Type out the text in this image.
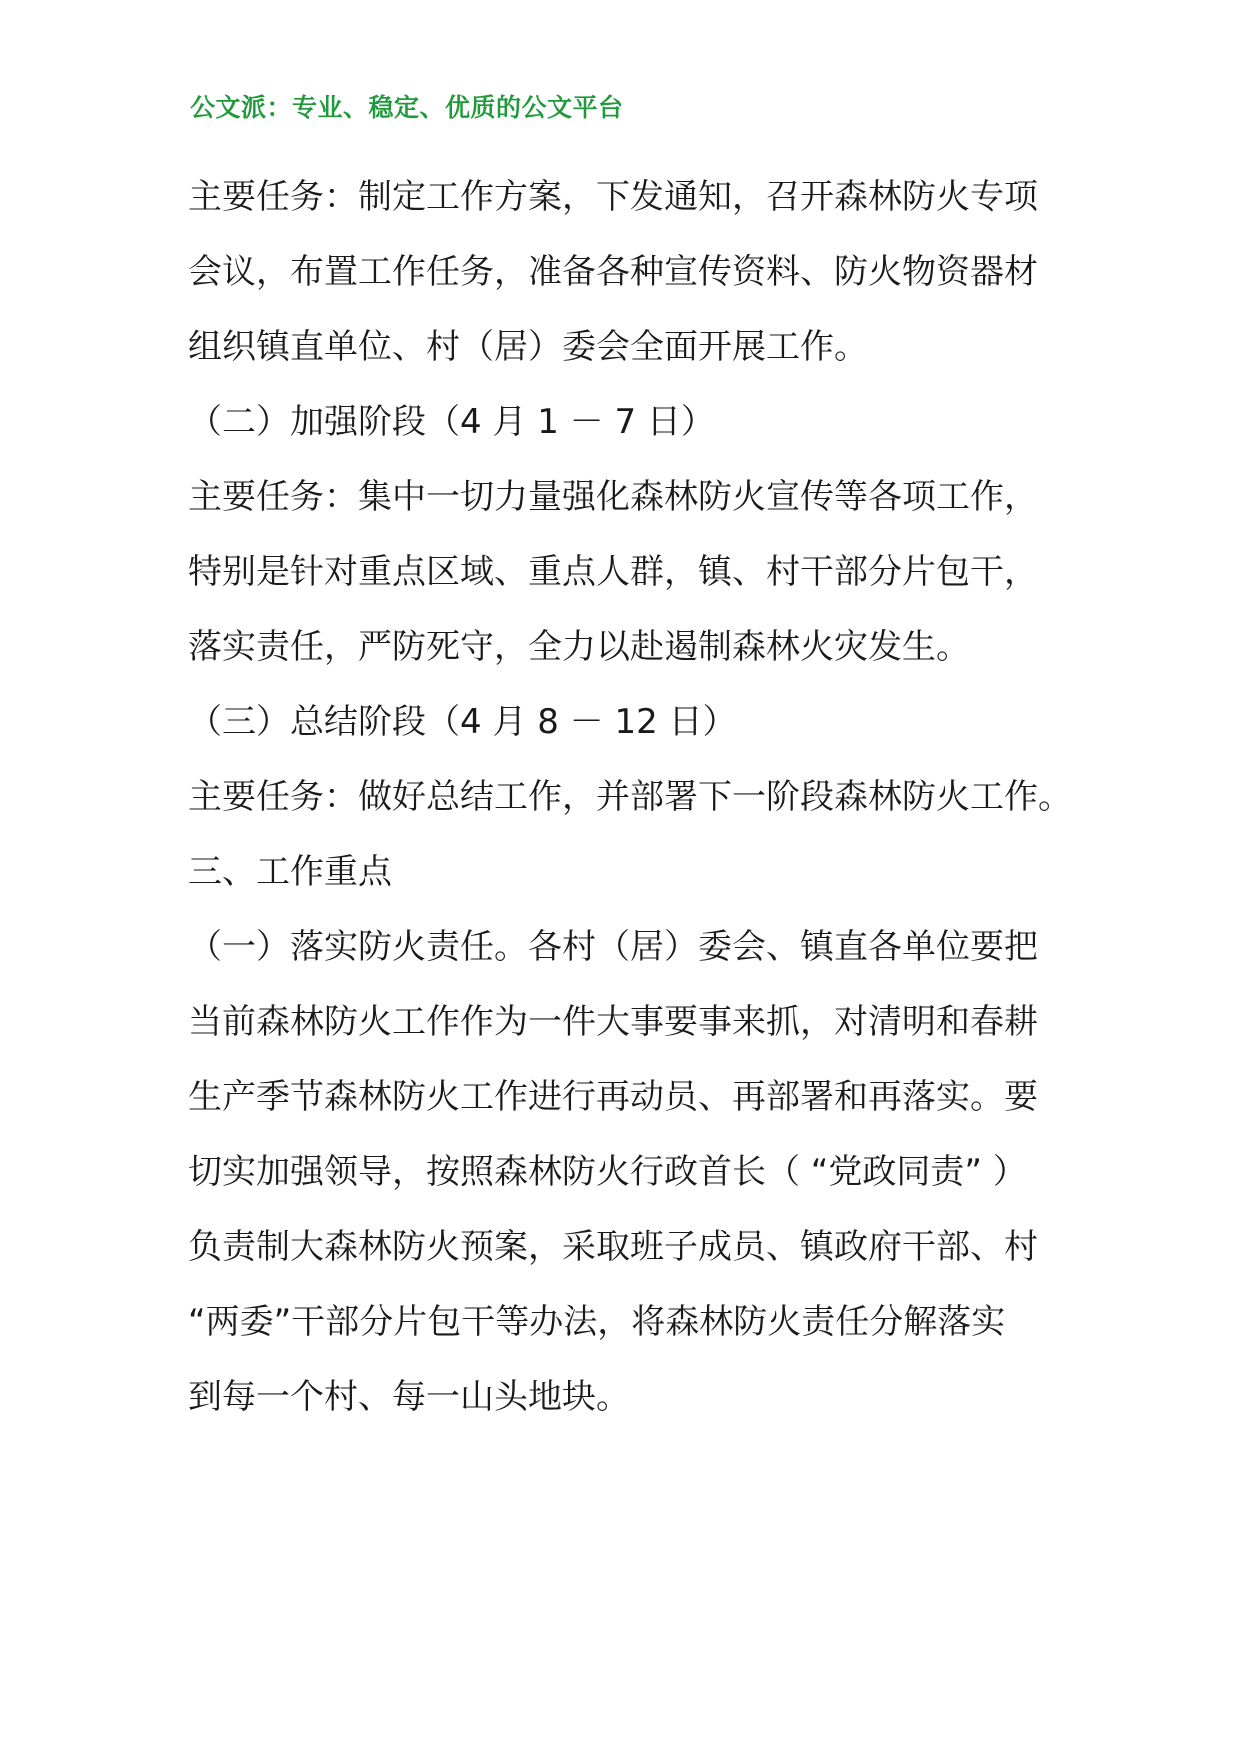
公文派：专业、稳定、优质的公文平台
主要任务：制定工作方案，下发通知，召开森林防火专项
会议，布置工作任务，准备各种宣传资料、防火物资器材
组织镇直单位、村（居）委会全面开展工作。
（二）加强阶段（4 月 1 － 7 日）
主要任务：集中一切力量强化森林防火宣传等各项工作，
特别是针对重点区域、重点人群，镇、村干部分片包干，
落实责任，严防死守，全力以赴遏制森林火灾发生。
（三）总结阶段（4 月 8 － 12 日）
主要任务：做好总结工作，并部署下一阶段森林防火工作。
三、工作重点
（一）落实防火责任。各村（居）委会、镇直各单位要把
当前森林防火工作作为一件大事要事来抓，对清明和春耕
生产季节森林防火工作进行再动员、再部署和再落实。要
切实加强领导，按照森林防火行政首长（ “党政同责” ）
负责制大森林防火预案，采取班子成员、镇政府干部、村
“两委”干部分片包干等办法，将森林防火责任分解落实
到每一个村、每一山头地块。
